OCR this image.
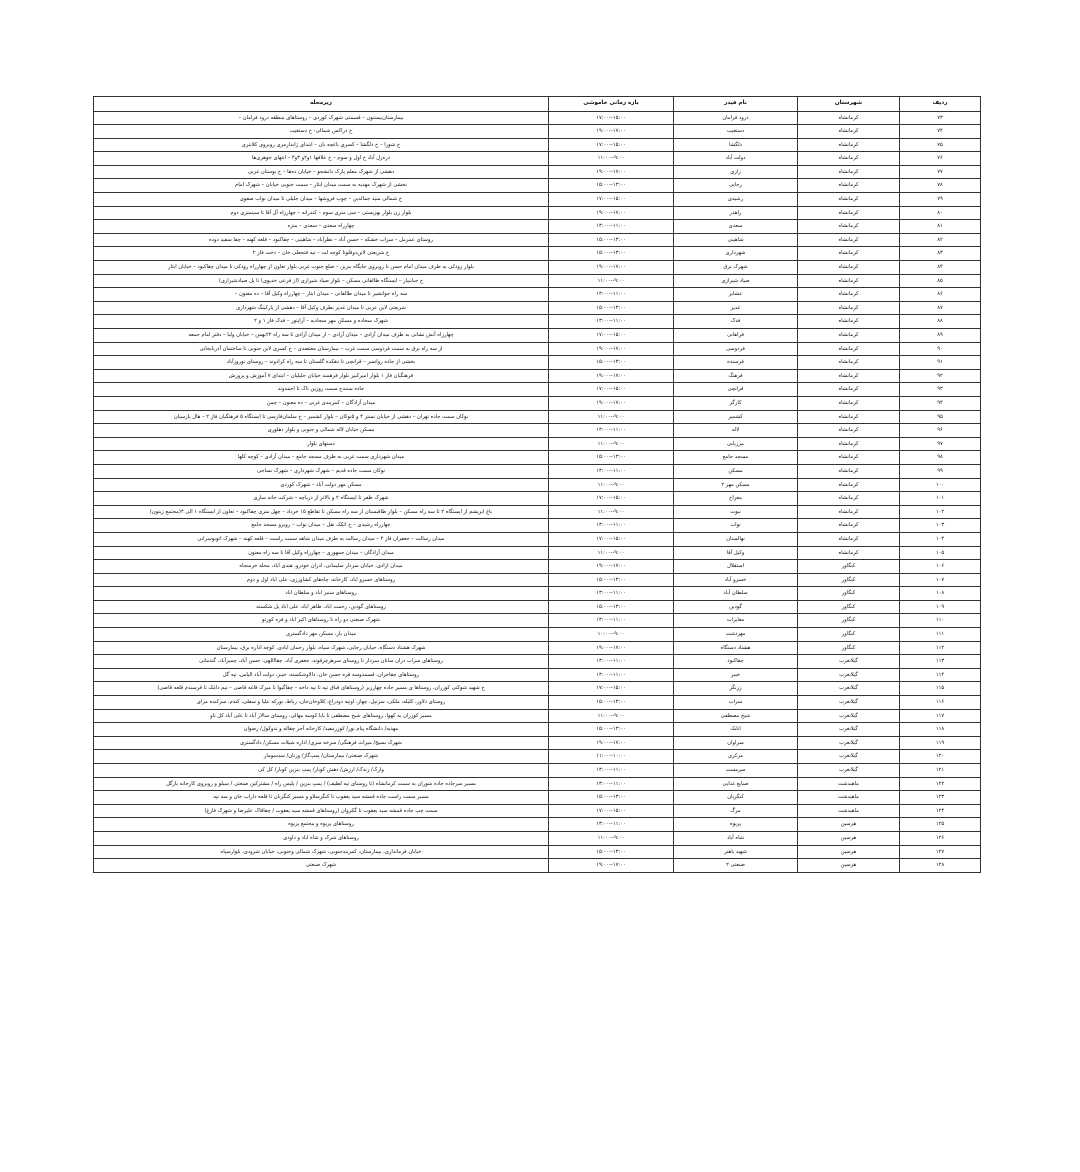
ردیف	شهرستان	نام فیدر	بازه زمانی خاموشی	زیرمحله
۷۳	کرمانشاه	درود فرامان	۱۵:۰۰--۱۷:۰۰	بیمارستان‌بیستون – قسمتی شهرک کوردی – روستاهای منطقه درود فرامان –
۷۴	کرمانشاه	دستغیب	۱۷:۰۰--۱۹:۰۰	خ دراکس شمالی- خ دستغیب
۷۵	کرمانشاه	دلگشا	۱۵:۰۰--۱۷:۰۰	خ شورا – خ دلگشا – کسری باغچه بان – ابتدای ژاندارمری روبروی کلانتری
۷۶	کرمانشاه	دولت آباد	۹:۰۰--۱۱:۰۰	دره‌زل آباد خ اول و سوم – خ علافها ۱و۲و ۳و۴ – انتهای جوهری‌ها
۷۷	کرمانشاه	رازی	۱۷:۰۰--۱۹:۰۰	دهشی از شهرک معلم پارک دانشجو – خیابان ده‌ها – خ بوستان غربی
۷۸	کرمانشاه	رجایی	۱۳:۰۰--۱۵:۰۰	بخشی از شهرک مهدیه به سمت میدان ابثار – سمت جنوبی خیابان – شهرک امام
۷۹	کرمانشاه	رشیدی	۱۵:۰۰--۱۷:۰۰	خ شمالی سید جمالدین – چوب فروشها – میدان جلیلی تا میدان نواب صفوی
۸۰	کرمانشاه	راهدر	۱۷:۰۰--۱۹:۰۰	بلوار زن بلوار بهزیستی – سی متری سوم – کندرانه – چهارراه آل آقا تا سینمتری دوم
۸۱	کرمانشاه	سعدی	۱۱:۰۰--۱۳:۰۰	چهارراه سعدی – سعدی – منزه
۸۲	کرمانشاه	شاهینی	۱۳:۰۰--۱۵:۰۰	روستای عمرمل – سراب خشکه – حسن آباد – نظرآباد – شاهینی – چقاکبود – قلعه کهنه – چقا سفید دوده
۸۳	کرمانشاه	شهرداری	۱۳:۰۰--۱۵:۰۰	خ شریعتی لاین‌دوقلو‌تا کوچه لت – تپه فتحعلی خان – دخت فاز ۲
۸۴	کرمانشاه	شهرک برق	۱۷:۰۰--۱۹:۰۰	بلوار رودکی به طرف میدان امام حسن تا روبروی جایگاه بنزین – ضلع جنوب غربی بلوار تعاون از چهارراه رودکی تا میدان چقاکبود – خیابان ابثار
۸۵	کرمانشاه	صیاد شیرازی	۹:۰۰--۱۱:۰۰	خ جبابنیار – ایستگاه طالقانی مسکن – بلوار صیاد شیرازی (از فرعی خدیوی) تا پل صیادشیرازی)
۸۶	کرمانشاه	عشایر	۱۱:۰۰--۱۳:۰۰	سه راه جوانشیر تا میدان طالقانی – میدان ابثار – چهارراه وکیل آقا – ده معنون –
۸۷	کرمانشاه	غدیر	۱۳:۰۰--۱۵:۰۰	شریعتی لاین عربی تا میدان غدیر بطرف وکیل آقا – دهشی از پارکینگ شهرداری
۸۸	کرمانشاه	فدک	۱۱:۰۰--۱۳:۰۰	شهرک سجاده و مسکن مهر سجادیه – آراپتور – فدک فاز ۱ و ۲
۸۹	کرمانشاه	فراهانی	۱۵:۰۰--۱۷:۰۰	چهارراه آتش نشانی به طرف میدان آزادی – میدان آزادی – از میدان آزادی تا سه راه ۲۲بهمن – خیابان ولیا – دفتر امام جمعه
۹۰	کرمانشاه	فردوسی	۱۷:۰۰--۱۹:۰۰	از سه راه برق به سمت فردوسی سمت غرب – بیمارستان معتضدی – خ کسری لاین جنوبی تا ساختمان آذربایجانی
۹۱	کرمانشاه	فرسنده	۱۳:۰۰--۱۵:۰۰	بخشی از جاده روانسر – قرانچی تا دهکده گلستان تا سه راه کرادوند – روستای نوروزآباد
۹۲	کرمانشاه	فرهنگ	۱۷:۰۰--۱۹:۰۰	فرهنگیان فاز ۱ بلوار امیرکبیر بلوار فرهمند خیابان جلیلیان – ابتدای ۷ آموزش و پرورش
۹۳	کرمانشاه	قرانچی	۱۵:۰۰--۱۷:۰۰	جاده سنندج سمت روزین تاک تا احمدوند
۹۴	کرمانشاه	کارگر	۱۷:۰۰--۱۹:۰۰	میدان آزادگان – کمربندی غربی – ده معنون – چمن
۹۵	کرمانشاه	کشمیر	۹:۰۰--۱۱:۰۰	نوکان سمت جاده تهران – دهشی از خیابان نستر ۴ و ۵نوکان – بلوار کشمیر – خ سلمان‌فارسی تا ایستگاه ۵ فرهنگیان فاز ۲ – هال پارسیان
۹۶	کرمانشاه	لاله	۱۱:۰۰--۱۳:۰۰	مسکن خیابان لاله شمالی و جنوبی و بلوار دهلوری
۹۷	کرمانشاه	مرزبانی	۹:۰۰--۱۱:۰۰	دستهای بلوار
۹۸	کرمانشاه	مسجد جامع	۱۳:۰۰--۱۵:۰۰	میدان شهرداری سمت غربی به طرف مسجد جامع – میدان آزادی – کوچه کلها
۹۹	کرمانشاه	مسکن	۱۱:۰۰--۱۳:۰۰	نوکان سمت جاده قدیم – شهرک شهرداری – شهرک نساجی
۱۰۰	کرمانشاه	مسکن مهر ۲	۹:۰۰--۱۱:۰۰	مسکن مهر دولت آباد – شهرک کوردی
۱۰۱	کرمانشاه	معراج	۱۵:۰۰--۱۷:۰۰	شهرک ظفر تا ایستگاه ۲ و بالاتر از دریاچه – شرکت خانه سازی
۱۰۲	کرمانشاه	نبوت	۹:۰۰--۱۱:۰۰	باغ ابریشم از ایستگاه ۲ تا سه راه مسکن – بلوار طاقبستان از سه راه مسکن تا تقاطع ۱۵ خرداد – چهل متری چقاکبود – تعاون از ایستگاه ۱ الی ۴(مجتمع زیتون)
۱۰۳	کرمانشاه	نواب	۱۱:۰۰--۱۳:۰۰	چهارراه رشیدی – خ اتکک نقل – میدان نواب – روبرو مسجد جامع
۱۰۴	کرمانشاه	نهالستان	۱۵:۰۰--۱۷:۰۰	میدان رسالت – جعفران فاز ۴ – میدان رسالت به طرف میدان شاهد سمت راست – قلعه کهنه – شهرک اتوبوسرانی
۱۰۵	کرمانشاه	وکیل آقا	۹:۰۰--۱۱:۰۰	میدان آزادگان – میدان جمهوری – چهارراه وکیل آقا تا سه راه معنون
۱۰۶	کنگاور	استقلال	۱۷:۰۰--۱۹:۰۰	میدان ازادی، خیابان سردار سلیمانی، ادران خودرو، هندی اباد، محله خرمنجاه
۱۰۷	کنگاور	خسرو آباد	۱۳:۰۰--۱۵:۰۰	روستاهای خسرو اباد، کارخانه، چاه‌های کشاورزی، علی اباد اول و دوم
۱۰۸	کنگاور	سلطان آباد	۱۱:۰۰--۱۳:۰۰	روستاهای سنبر اباد و سلطان اباد
۱۰۹	کنگاور	گودین	۱۳:۰۰--۱۵:۰۰	روستاهای گودین، رحمت اباد، طاهر اباد، علی اباد پل شکسته
۱۱۰	کنگاور	مغایرات	۱۱:۰۰--۱۳:۰۰	شهرک صنعتی دو راه تا روستاهای اکبر اباد و فره کورتو
۱۱۱	کنگاور	مهردشت	۹:۰۰--۱۰:۰۰	میدان بار، مسکن مهر دادگستری
۱۱۲	کنگاور	هشتاد دستگاه	۱۷:۰۰--۱۹:۰۰	شهرک هشتاد دستگاه، خیابان رجایی، شهرک سپاه، بلوار رحمان ابادی، کوچه اداره برق، بیمارستان
۱۱۳	گیلانغرب	چقاکبود	۱۱:۰۰--۱۳:۰۰	روستاهای سراب دران ساتان سردار تا روستای سرهرچرقوند، جعفری آباد، چقااللهی، حسن آباد، چمبرآباد، گندمانی
۱۱۴	گیلانغرب	خیبر	۱۱:۰۰--۱۳:۰۰	روستاهای چقاخران، قسمدوسه قره حسن خان، دالاوشکسته، خیبر، دولت آباد الیاس، تپه گل
۱۱۵	گیلانغرب	ززنگر	۱۵:۰۰--۱۷:۰۰	خ شهید شوکتی کوزران، روستاها ی مسیر جاده چهارزبر (روستاهای قباق تپه تا تپه‌ داخه – چقاگیوا تا میرک قاغه قاضی – تپم داغک تا قرسندم قلعه قاضی)
۱۱۶	گیلانغرب	سراب	۱۳:۰۰--۱۵:۰۰	روستای‌ دلاور، کلیله، ملکی، سرتپل، چهاز، اوتپه دودراغ، کلاوحان‌جان، رباط، نورکه عليا و سفلی، کندم، سرکنده مزای
۱۱۷	گیلانغرب	شیخ مصطفی	۹:۰۰--۱۱:۰۰	مسیر کوزران به کهوا، روستاهای شیخ مصطفی تا بابا کوسه مهالی، روستای سالار آباد تا علی آباد کل تاو
۱۱۸	گیلانغرب	اتابک	۱۳:۰۰--۱۵:۰۰	مهدیه/ دانشگاه پیام نور/ کوزرمفید/ کارخانه آجر چقاله و ندوکول/ رضوان
۱۱۹	گیلانغرب	سراوان	۱۷:۰۰--۱۹:۰۰	شهرک بسیج/ میراث فرهنگی/ سرخه سری/ اداره شیلات مسکن/ دادگستری
۱۲۰	گیلانغرب	مرکزی	۱۰:۰۰--۱۱:۰۰	شهرک صنعتی/ بیمارستان/ پمپ‌گاز/ وزنان/ سدسومار
۱۲۱	گیلانغرب	سرمست	۱۱:۰۰--۱۳:۰۰	وارک/ زندک/ ارزش/ دهش کوبار/ پمپ بنزین کوبار/ کل کی
۱۲۲	ماهیدشت	صنایع غذایی	۱۱:۰۰--۱۳:۰۰	مسیر سرجاده جاده شوران به سمت کرمانشاه (تا روستای تپه لطیف) / پمپ بنزین / پلیس راه / مشترکین صنعتی / سیلو و روبروی کارخانه بازگل
۱۲۳	ماهیدشت	کنگربان	۱۳:۰۰--۱۵:۰۰	مسیر سمت راست جاده قمشه سید یعقوب تا کنگرسلاو و مسیر کنگربان تا قلعه داراب خان و سه تپه
۱۲۴	ماهیدشت	مرگ	۱۵:۰۰--۱۷:۰۰	سمت چپ جاده قمشه سید یعقوب تا گکروان (روستاهای قمشه سید یعقوب / چقاقاک علیرضا و شهرک فارغ)
۱۲۵	هرسین	پریوه	۱۱:۰۰--۱۳:۰۰	روستاهای پریوه و مجتمع پریوه
۱۲۶	هرسین	شاه آباد	۹:۰۰--۱۱:۰۰	روستاهای شرک و شاه اباد و داودی
۱۲۷	هرسین	شهید باهنر	۱۳:۰۰--۱۵:۰۰	خیابان فرمانداری، بیمارستان، کمربندجنوبی، شهرک شمالی وجنوبی، خیابان شرودی، بلوارسپاه
۱۲۸	هرسین	صنعتی ۲	۱۷:۰۰--۱۹:۰۰	شهرک صنعتی
